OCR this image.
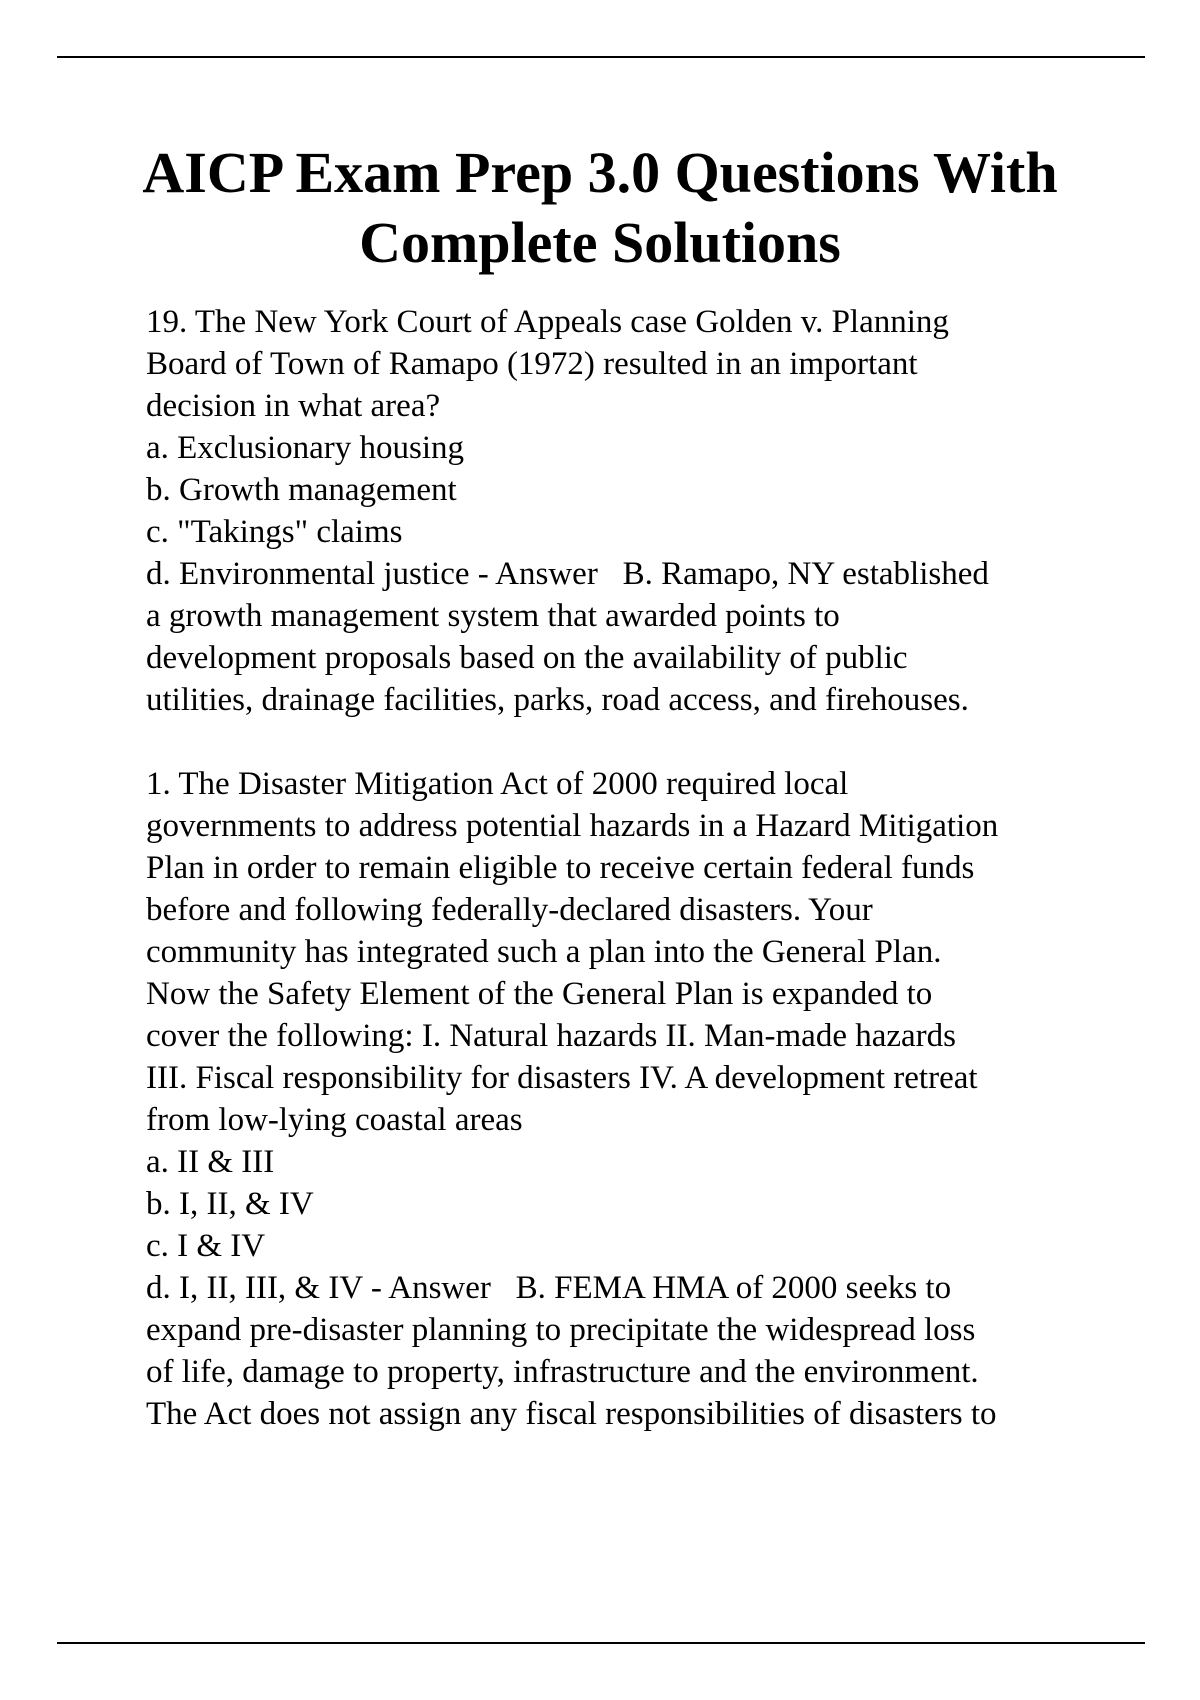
AICP Exam Prep 3.0 Questions With
Complete Solutions
19. The New York Court of Appeals case Golden v. Planning
Board of Town of Ramapo (1972) resulted in an important
decision in what area?
a. Exclusionary housing
b. Growth management
c. "Takings" claims
d. Environmental justice - Answer   B. Ramapo, NY established
a growth management system that awarded points to
development proposals based on the availability of public
utilities, drainage facilities, parks, road access, and firehouses.
1. The Disaster Mitigation Act of 2000 required local
governments to address potential hazards in a Hazard Mitigation
Plan in order to remain eligible to receive certain federal funds
before and following federally-declared disasters. Your
community has integrated such a plan into the General Plan.
Now the Safety Element of the General Plan is expanded to
cover the following: I. Natural hazards II. Man-made hazards
III. Fiscal responsibility for disasters IV. A development retreat
from low-lying coastal areas
a. II & III
b. I, II, & IV
c. I & IV
d. I, II, III, & IV - Answer   B. FEMA HMA of 2000 seeks to
expand pre-disaster planning to precipitate the widespread loss
of life, damage to property, infrastructure and the environment.
The Act does not assign any fiscal responsibilities of disasters to
